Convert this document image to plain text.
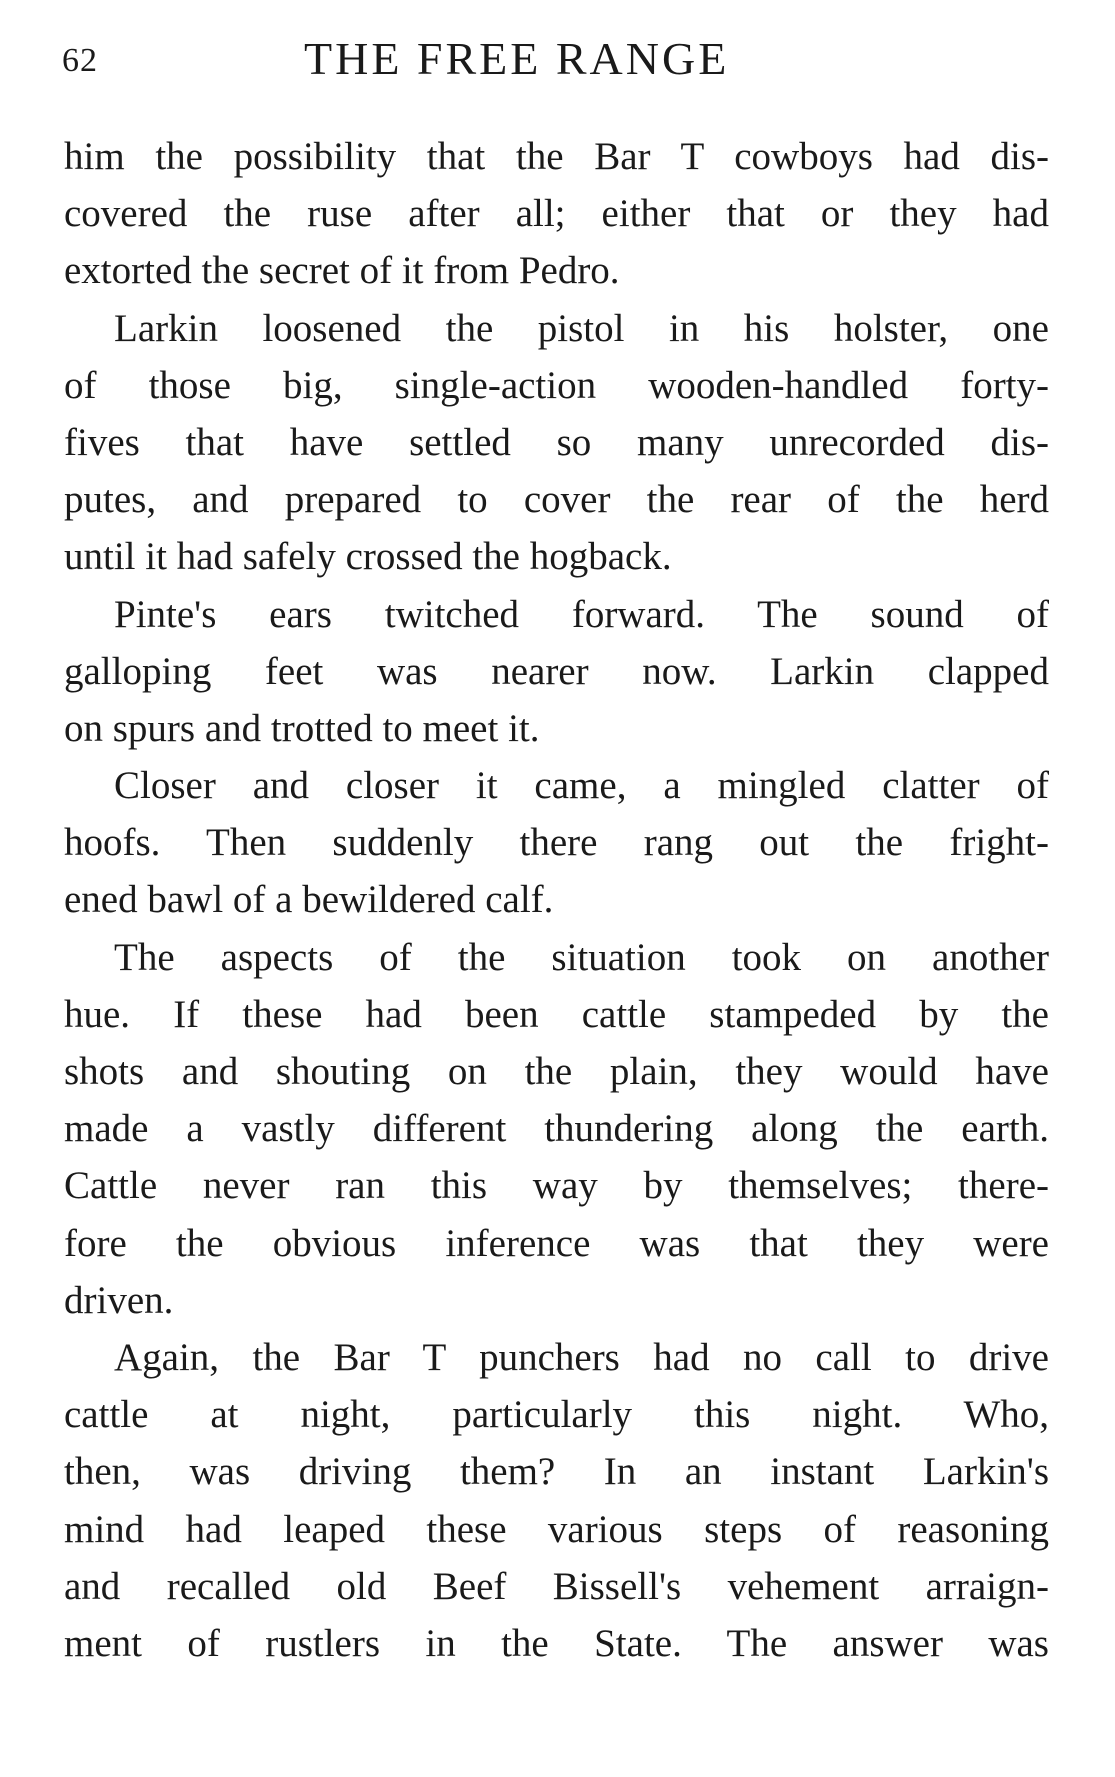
62	THE FREE RANGE
him the possibility that the Bar T cowboys had dis-
covered the ruse after all; either that or they had
extorted the secret of it from Pedro.
Larkin loosened the pistol in his holster, one
of those big, single-action wooden-handled forty-
fives that have settled so many unrecorded dis-
putes, and prepared to cover the rear of the herd
until it had safely crossed the hogback.
Pinte's ears twitched forward. The sound of
galloping feet was nearer now. Larkin clapped
on spurs and trotted to meet it.
Closer and closer it came, a mingled clatter of
hoofs. Then suddenly there rang out the fright-
ened bawl of a bewildered calf.
The aspects of the situation took on another
hue. If these had been cattle stampeded by the
shots and shouting on the plain, they would have
made a vastly different thundering along the earth.
Cattle never ran this way by themselves; there-
fore the obvious inference was that they were
driven.
Again, the Bar T punchers had no call to drive
cattle at night, particularly this night. Who,
then, was driving them? In an instant Larkin's
mind had leaped these various steps of reasoning
and recalled old Beef Bissell's vehement arraign-
ment of rustlers in the State. The answer was
